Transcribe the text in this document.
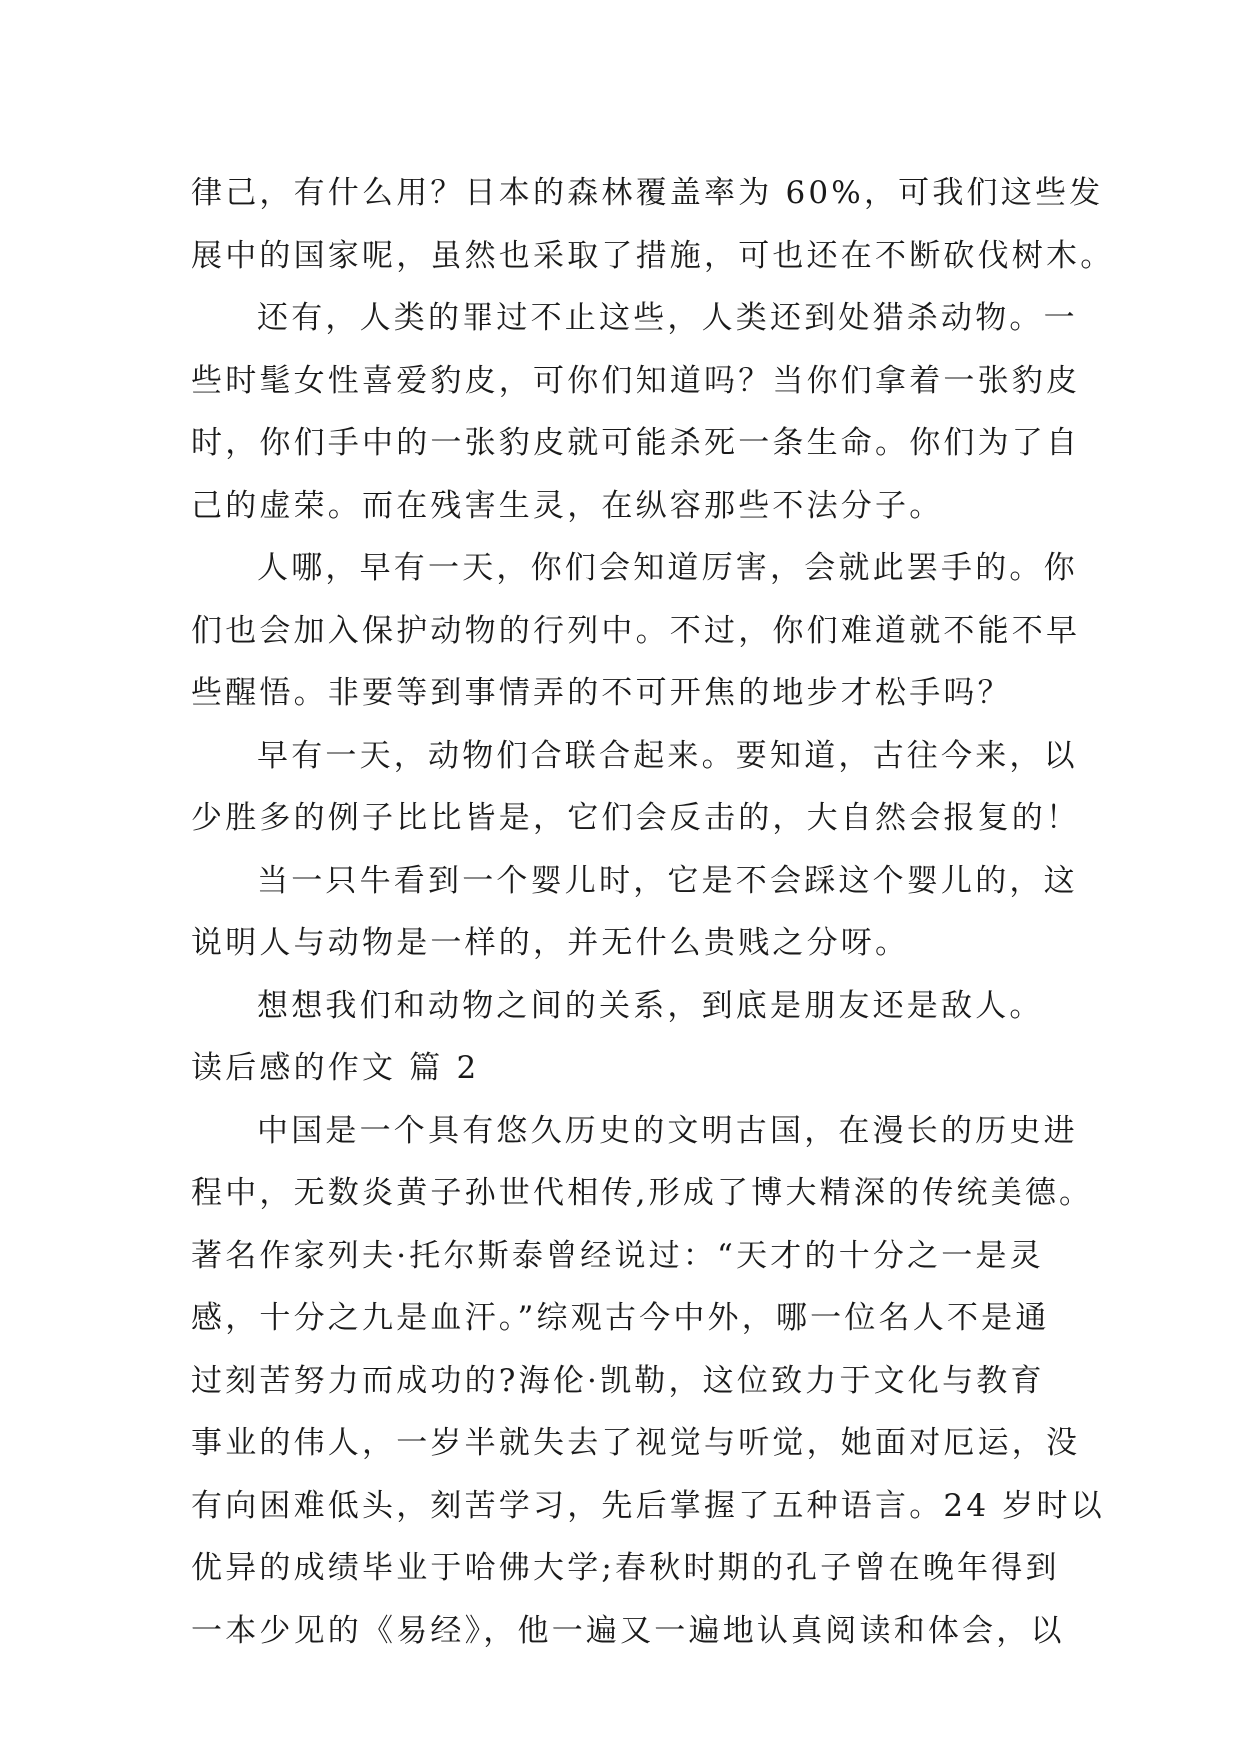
律己，有什么用？日本的森林覆盖率为 60%，可我们这些发
展中的国家呢，虽然也采取了措施，可也还在不断砍伐树木。
还有，人类的罪过不止这些，人类还到处猎杀动物。一
些时髦女性喜爱豹皮，可你们知道吗？当你们拿着一张豹皮
时，你们手中的一张豹皮就可能杀死一条生命。你们为了自
己的虚荣。而在残害生灵，在纵容那些不法分子。
人哪，早有一天，你们会知道厉害，会就此罢手的。你
们也会加入保护动物的行列中。不过，你们难道就不能不早
些醒悟。非要等到事情弄的不可开焦的地步才松手吗？
早有一天，动物们合联合起来。要知道，古往今来，以
少胜多的例子比比皆是，它们会反击的，大自然会报复的！
当一只牛看到一个婴儿时，它是不会踩这个婴儿的，这
说明人与动物是一样的，并无什么贵贱之分呀。
想想我们和动物之间的关系，到底是朋友还是敌人。
读后感的作文 篇 2
中国是一个具有悠久历史的文明古国，在漫长的历史进
程中，无数炎黄子孙世代相传,形成了博大精深的传统美德。
著名作家列夫·托尔斯泰曾经说过：“天才的十分之一是灵
感，十分之九是血汗。”综观古今中外，哪一位名人不是通
过刻苦努力而成功的?海伦·凯勒，这位致力于文化与教育
事业的伟人，一岁半就失去了视觉与听觉，她面对厄运，没
有向困难低头，刻苦学习，先后掌握了五种语言。24 岁时以
优异的成绩毕业于哈佛大学;春秋时期的孔子曾在晚年得到
一本少见的《易经》，他一遍又一遍地认真阅读和体会，以
